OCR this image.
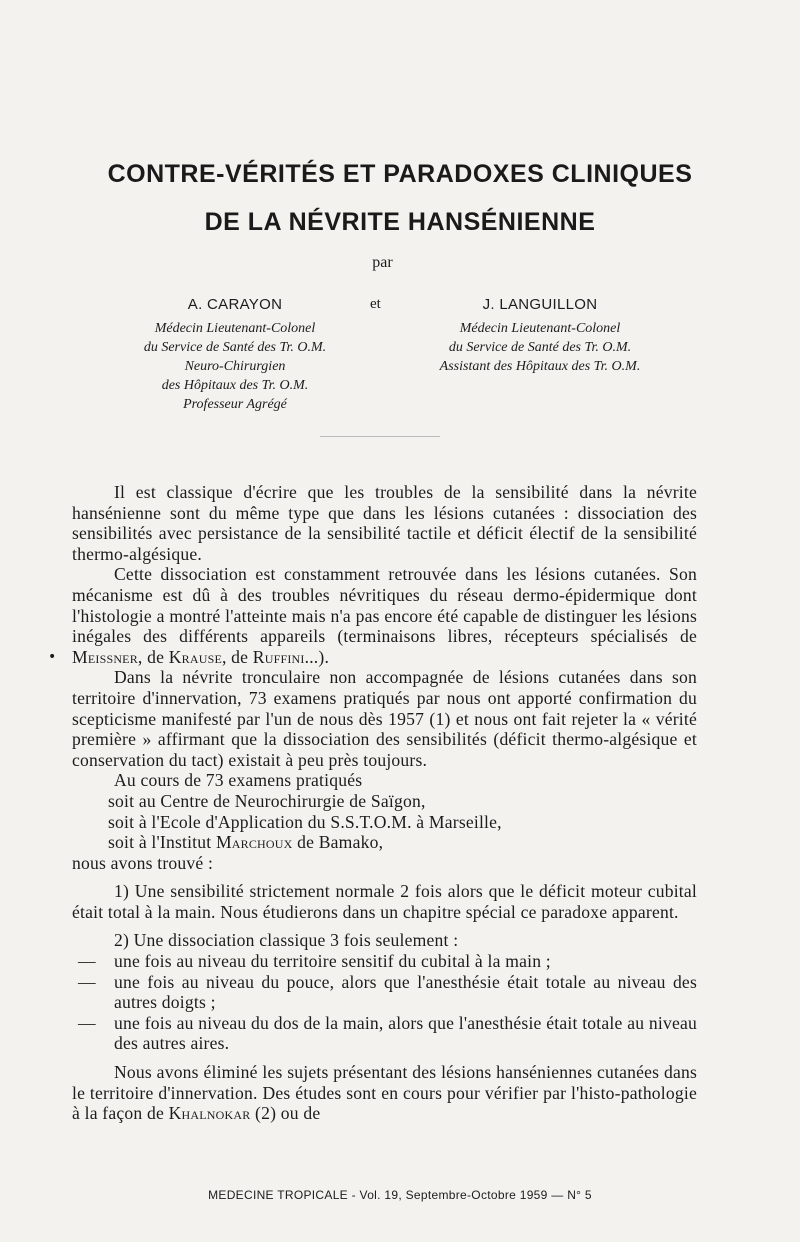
CONTRE-VÉRITÉS ET PARADOXES CLINIQUES
DE LA NÉVRITE HANSÉNIENNE
par
A. CARAYON
Médecin Lieutenant-Colonel
du Service de Santé des Tr. O.M.
Neuro-Chirurgien
des Hôpitaux des Tr. O.M.
Professeur Agrégé
et	J. LANGUILLON
Médecin Lieutenant-Colonel
du Service de Santé des Tr. O.M.
Assistant des Hôpitaux des Tr. O.M.
•

Il est classique d'écrire que les troubles de la sensibilité dans la névrite hansénienne sont du même type que dans les lésions cutanées : dissociation des sensibilités avec persistance de la sensibilité tactile et déficit électif de la sensibilité thermo-algésique.

Cette dissociation est constamment retrouvée dans les lésions cutanées. Son mécanisme est dû à des troubles névritiques du réseau dermo-épidermique dont l'histologie a montré l'atteinte mais n'a pas encore été capable de distinguer les lésions inégales des différents appareils (terminaisons libres, récepteurs spécialisés de Meissner, de Krause, de Ruffini...).

Dans la névrite tronculaire non accompagnée de lésions cutanées dans son territoire d'innervation, 73 examens pratiqués par nous ont apporté confirmation du scepticisme manifesté par l'un de nous dès 1957 (1) et nous ont fait rejeter la « vérité première » affirmant que la dissociation des sensibilités (déficit thermo-algésique et conservation du tact) existait à peu près toujours.

Au cours de 73 examens pratiqués
soit au Centre de Neurochirurgie de Saïgon,
soit à l'Ecole d'Application du S.S.T.O.M. à Marseille,
soit à l'Institut Marchoux de Bamako,
nous avons trouvé :

1) Une sensibilité strictement normale 2 fois alors que le déficit moteur cubital était total à la main. Nous étudierons dans un chapitre spécial ce paradoxe apparent.

2) Une dissociation classique 3 fois seulement :

—	une fois au niveau du territoire sensitif du cubital à la main ;
—	une fois au niveau du pouce, alors que l'anesthésie était totale au niveau des autres doigts ;
—	une fois au niveau du dos de la main, alors que l'anesthésie était totale au niveau des autres aires.

Nous avons éliminé les sujets présentant des lésions hanséniennes cutanées dans le territoire d'innervation. Des études sont en cours pour vérifier par l'histo-pathologie à la façon de Khalnokar (2) ou de

MEDECINE TROPICALE - Vol. 19, Septembre-Octobre 1959 — N° 5
